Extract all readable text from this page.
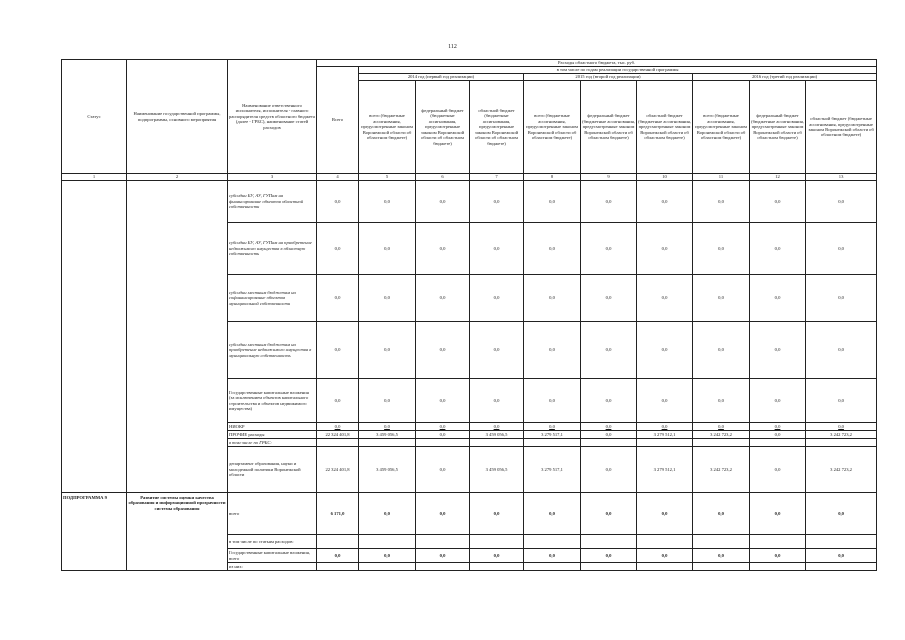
112
Статус	Наименование государственной программы, подпрограммы, основного мероприятия	Наименование ответственного исполнителя, исполнителя - главного распорядителя средств областного бюджета (далее - ГРБС), наименование статей расходов	Расходы областного бюджета, тыс. руб.									
			Всего	в том числе по годам реализации государственной программы								
				2014 год (первый год реализации)			2015 год (второй год реализации)			2016 год (третий год реализации)		
				всего (бюджетные ассигнования, предусмотренные законом Воронежской области об областном бюджете)	федеральный бюджет (бюджетные ассигнования, предусмотренные законом Воронежской области об областном бюджете)	областной бюджет (бюджетные ассигнования, предусмотренные законом Воронежской области об областном бюджете)	всего (бюджетные ассигнования, предусмотренные законом Воронежской области об областном бюджете)	федеральный бюджет (бюджетные ассигнования, предусмотренные законом Воронежской области об областном бюджете)	областной бюджет (бюджетные ассигнования, предусмотренные законом Воронежской области об областном бюджете)	всего (бюджетные ассигнования, предусмотренные законом Воронежской области об областном бюджете)	федеральный бюджет (бюджетные ассигнования, предусмотренные законом Воронежской области об областном бюджете)	областной бюджет (бюджетные ассигнования, предусмотренные законом Воронежской области об областном бюджете)
1	2	3	4	5	6	7	8	9	10	11	12	13
		субсидии БУ, АУ, ГУПам на финансирование объектов областной собственности	0,0	0,0	0,0	0,0	0,0	0,0	0,0	0,0	0,0	0,0
		субсидии БУ, АУ, ГУПам на приобретение недвижимого имущества в областную собственность	0,0	0,0	0,0	0,0	0,0	0,0	0,0	0,0	0,0	0,0
		субсидии местным бюджетам на софинансирование объектов муниципальной собственности	0,0	0,0	0,0	0,0	0,0	0,0	0,0	0,0	0,0	0,0
		субсидии местным бюджетам на приобретение недвижимого имущества в муниципальную собственность	0,0	0,0	0,0	0,0	0,0	0,0	0,0	0,0	0,0	0,0
		Государственные капитальные вложения (за исключением объектов капитального строительства и объектов недвижимого имущества)	0,0	0,0	0,0	0,0	0,0	0,0	0,0	0,0	0,0	0,0
		НИОКР	0,0	0,0	0,0	0,0	0,0	0,0	0,0	0,0	0,0	0,0
		ПРОЧИЕ расходы	22 324 401,8	3 459 056,5	0,0	3 459 056,5	3 279 517,1	0,0	3 279 512,1	3 242 723,2	0,0	3 242 723,2
		в том числе по ГРБС:										
		департамент образования, науки и молодежной политики Воронежской области	22 324 401,8	3 459 056,5	0,0	3 459 056,5	3 279 517,1	0,0	3 279 512,1	3 242 723,2	0,0	3 242 723,2
ПОДПРОГРАММА 9	Развитие системы оценки качества образования и информационной прозрачности системы образования	всего	6 171,0	0,0	0,0	0,0	0,0	0,0	0,0	0,0	0,0	0,0
		в том числе по статьям расходов:										
		Государственные капитальные вложения, всего	0,0	0,0	0,0	0,0	0,0	0,0	0,0	0,0	0,0	0,0
		из них:										
